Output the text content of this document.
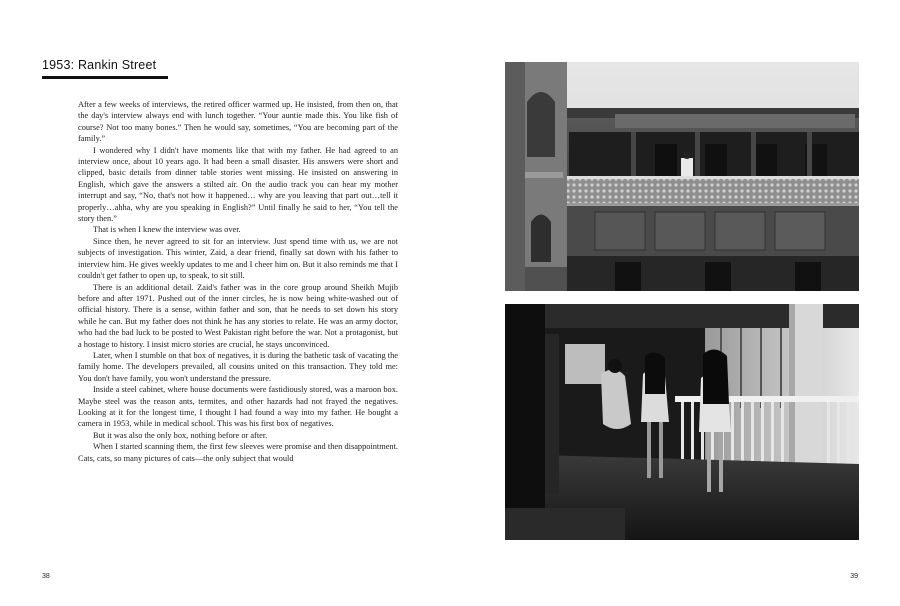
1953: Rankin Street

After a few weeks of interviews, the retired officer warmed up. He insisted, from then on, that the day's interview always end with lunch together. “Your auntie made this. You like fish of course? Not too many bones.” Then he would say, sometimes, “You are becoming part of the family.”

I wondered why I didn't have moments like that with my father. He had agreed to an interview once, about 10 years ago. It had been a small disaster. His answers were short and clipped, basic details from dinner table stories went missing. He insisted on answering in English, which gave the answers a stilted air. On the audio track you can hear my mother interrupt and say, “No, that's not how it happened… why are you leaving that part out…tell it properly…ahha, why are you speaking in English?” Until finally he said to her, “You tell the story then.”

That is when I knew the interview was over.

Since then, he never agreed to sit for an interview. Just spend time with us, we are not subjects of investigation. This winter, Zaid, a dear friend, finally sat down with his father to interview him. He gives weekly updates to me and I cheer him on. But it also reminds me that I couldn't get father to open up, to speak, to sit still.

There is an additional detail. Zaid's father was in the core group around Sheikh Mujib before and after 1971. Pushed out of the inner circles, he is now being white-washed out of official history. There is a sense, within father and son, that he needs to set down his story while he can. But my father does not think he has any stories to relate. He was an army doctor, who had the bad luck to be posted to West Pakistan right before the war. Not a protagonist, but a hostage to history. I insist micro stories are crucial, he stays unconvinced.

Later, when I stumble on that box of negatives, it is during the bathetic task of vacating the family home. The developers prevailed, all cousins united on this transaction. They told me: You don't have family, you won't understand the pressure.

Inside a steel cabinet, where house documents were fastidiously stored, was a maroon box. Maybe steel was the reason ants, termites, and other hazards had not frayed the negatives. Looking at it for the longest time, I thought I had found a way into my father. He bought a camera in 1953, while in medical school. This was his first box of negatives.

But it was also the only box, nothing before or after.

When I started scanning them, the first few sleeves were promise and then disappointment. Cats, cats, so many pictures of cats—the only subject that would

38	39
